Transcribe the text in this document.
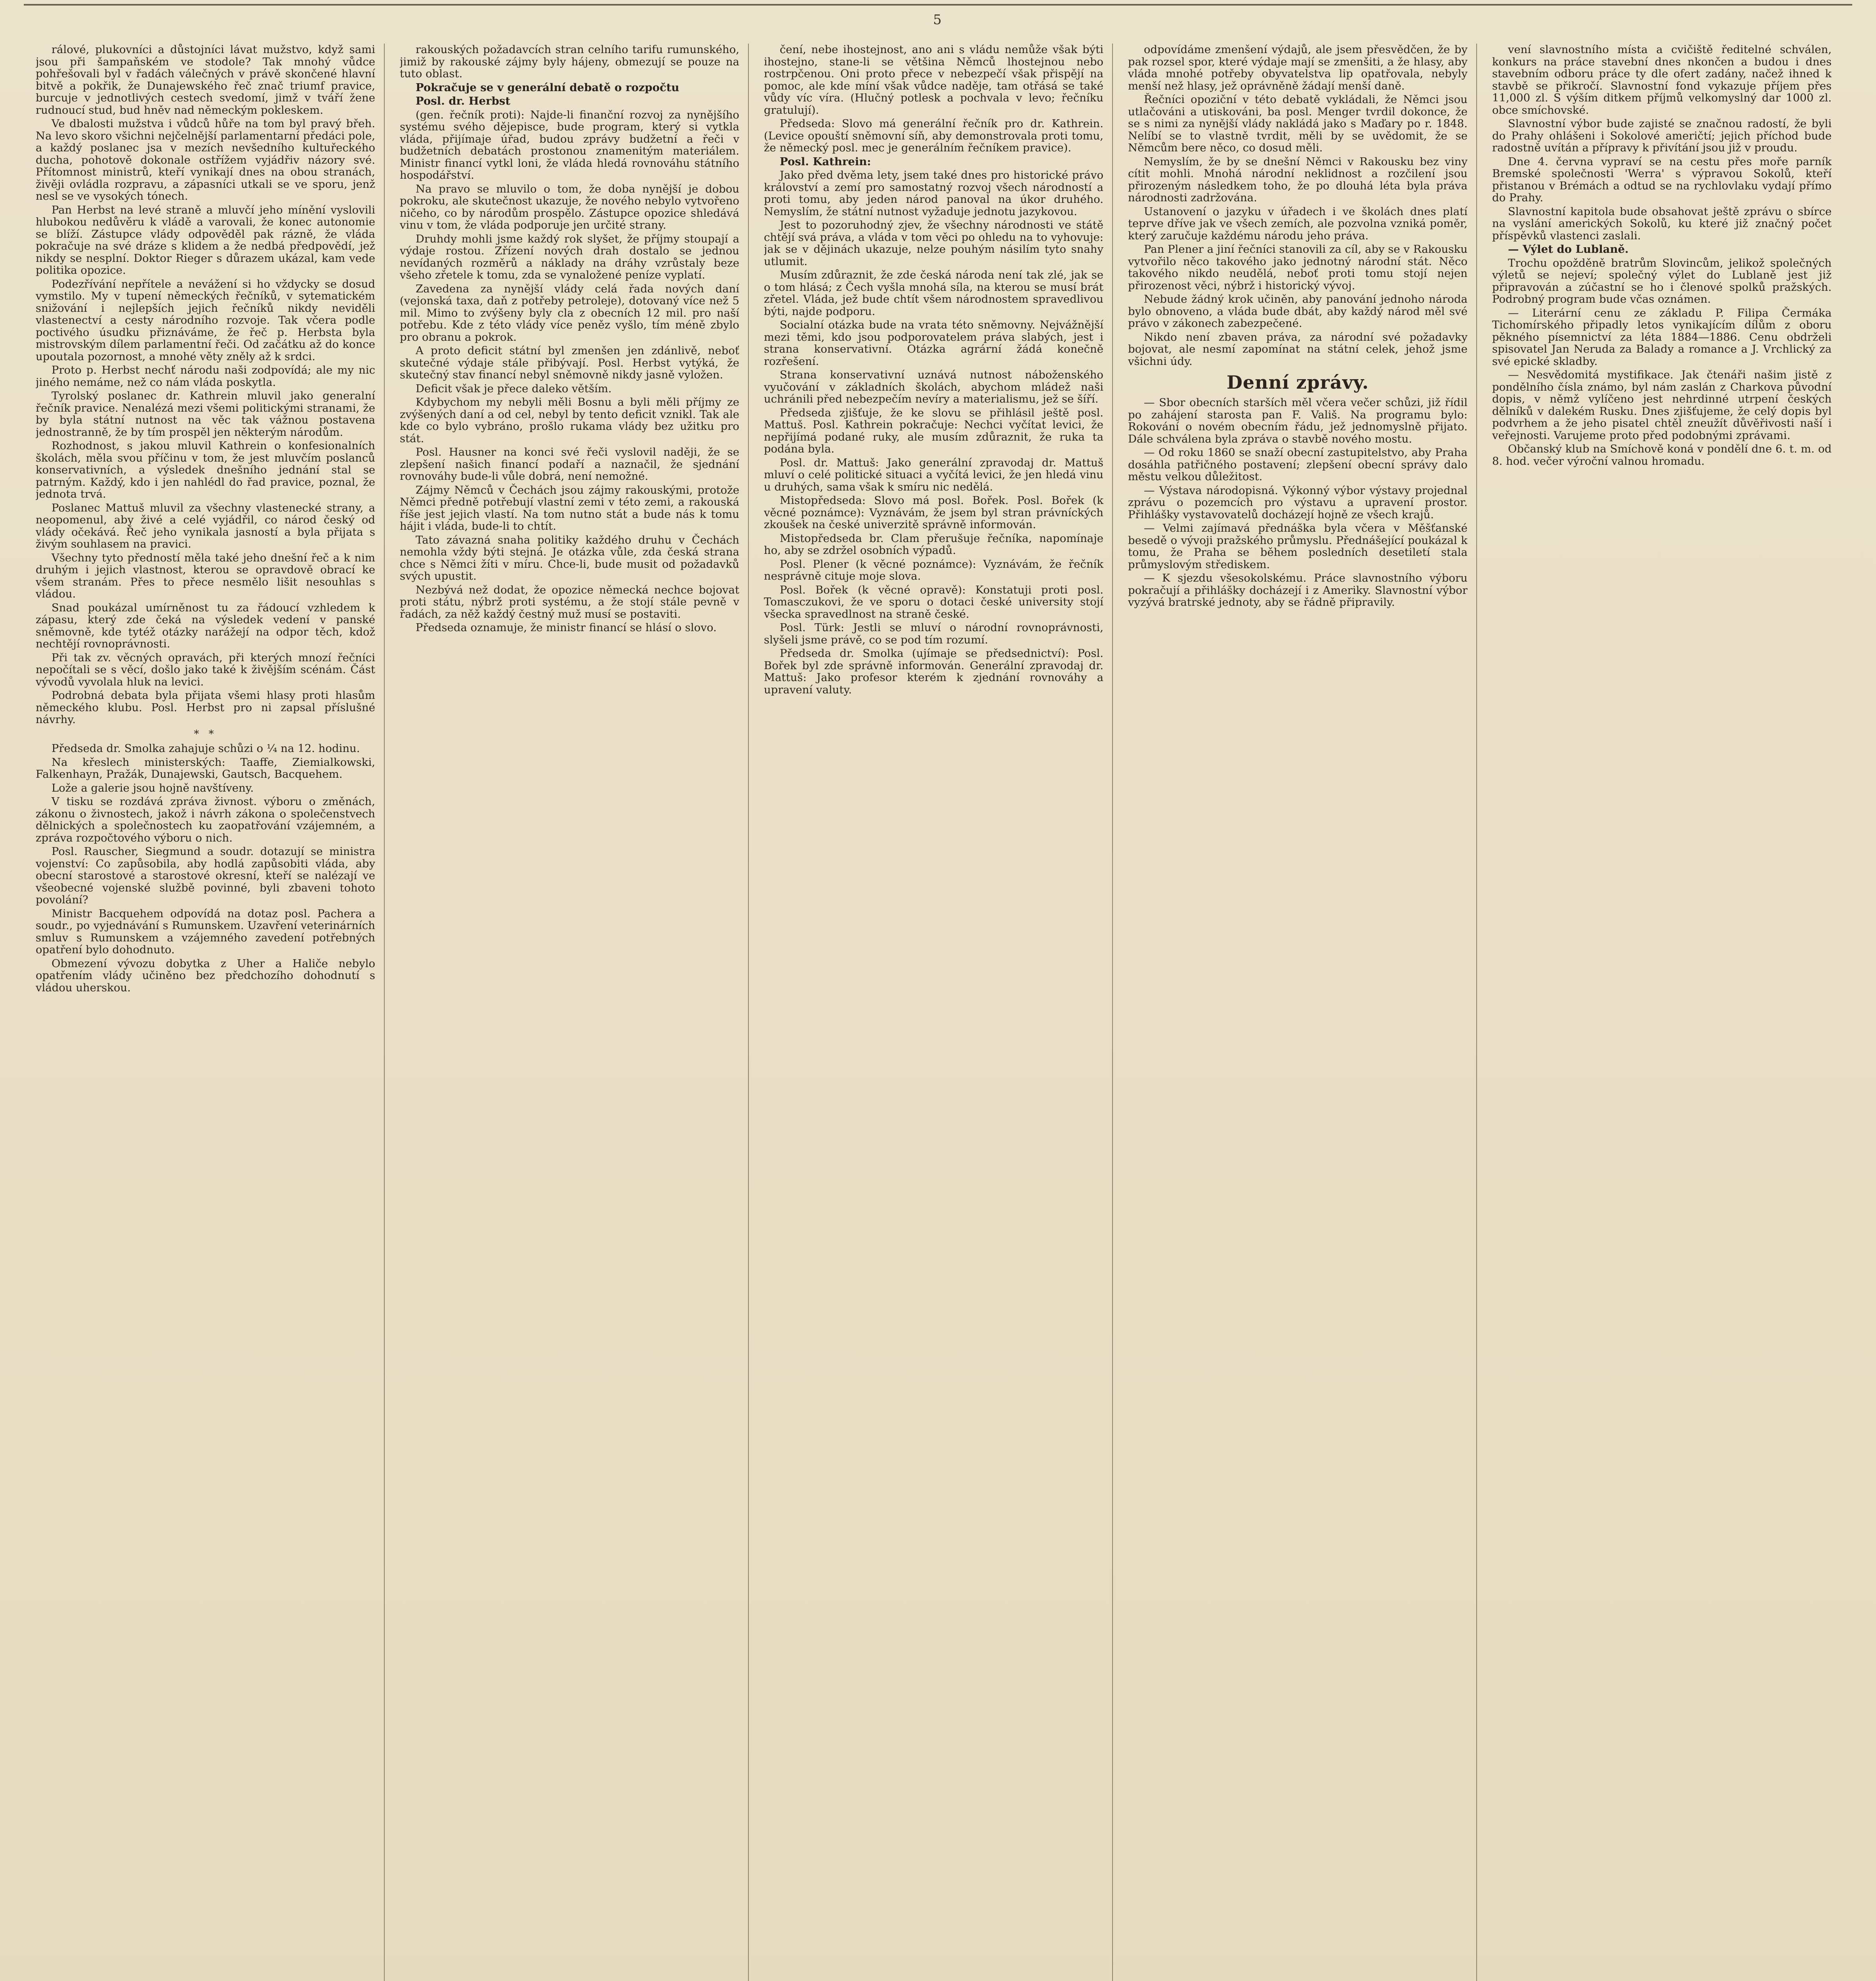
5

rálové, plukovníci a důstojníci lávat mužstvo, když sami jsou při šampaňském ve stodole? Tak mnohý vůdce pohřešovali byl v řadách válečných v právě skončené hlavní bitvě a pokřik, že Dunajewského řeč znač triumf pravice, burcuje v jednotlivých cestech svedomí, jimž v tváří žene rudnoucí stud, bud hněv nad německým pokleskem.

Ve dbalosti mužstva i vůdců hůře na tom byl pravý břeh. Na levo skoro všichni nejčelnější parlamentarní předáci pole, a každý poslanec jsa v mezích nevšedního kultuřeckého ducha, pohotově dokonale ostřížem vyjádřiv názory své. Přítomnost ministrů, kteří vynikají dnes na obou stranách, živěji ovládla rozpravu, a zápasníci utkali se ve sporu, jenž nesl se ve vysokých tónech.

Pan Herbst na levé straně a mluvčí jeho mínění vyslovili hlubokou nedůvěru k vládě a varovali, že konec autonomie se blíží. Zástupce vlády odpověděl pak rázně, že vláda pokračuje na své dráze s klidem a že nedbá předpovědí, jež nikdy se nesplní. Doktor Rieger s důrazem ukázal, kam vede politika opozice.

Podezřívání nepřítele a nevážení si ho vždycky se dosud vymstilo. My v tupení německých řečníků, v sytematickém snižování i nejlepších jejich řečníků nikdy neviděli vlastenectví a cesty národního rozvoje. Tak včera podle poctivého úsudku přiznáváme, že řeč p. Herbsta byla mistrovským dílem parlamentní řeči. Od začátku až do konce upoutala pozornost, a mnohé věty zněly až k srdci.

Proto p. Herbst nechť národu naši zodpovídá; ale my nic jiného nemáme, než co nám vláda poskytla.

Tyrolský poslanec dr. Kathrein mluvil jako generalní řečník pravice. Nenalézá mezi všemi politickými stranami, že by byla státní nutnost na věc tak vážnou postavena jednostranně, že by tím prospěl jen některým národům.

Rozhodnost, s jakou mluvil Kathrein o konfesionalních školách, měla svou příčinu v tom, že jest mluvčím poslanců konservativních, a výsledek dnešního jednání stal se patrným. Každý, kdo i jen nahlédl do řad pravice, poznal, že jednota trvá.

Poslanec Mattuš mluvil za všechny vlastenecké strany, a neopomenul, aby živé a celé vyjádřil, co národ český od vlády očekává. Řeč jeho vynikala jasností a byla přijata s živým souhlasem na pravici.

Všechny tyto předností měla také jeho dnešní řeč a k nim druhým i jejich vlastnost, kterou se opravdově obrací ke všem stranám. Přes to přece nesmělo lišit nesouhlas s vládou.

Snad poukázal umírněnost tu za řádoucí vzhledem k zápasu, který zde čeká na výsledek vedení v panské sněmovně, kde tytéž otázky narážejí na odpor těch, kdož nechtějí rovnoprávnosti.

Při tak zv. věcných opravách, při kterých mnozí řečníci nepočítali se s věcí, došlo jako také k živějším scénám. Část vývodů vyvolala hluk na levici.

Podrobná debata byla přijata všemi hlasy proti hlasům německého klubu. Posl. Herbst pro ni zapsal příslušné návrhy.

* *

Předseda dr. Smolka zahajuje schůzi o ¼ na 12. hodinu.

Na křeslech ministerských: Taaffe, Ziemialkowski, Falkenhayn, Pražák, Dunajewski, Gautsch, Bacquehem.

Lože a galerie jsou hojně navštíveny.

V tisku se rozdává zpráva živnost. výboru o změnách, zákonu o živnostech, jakož i návrh zákona o společenstvech dělnických a společnostech ku zaopatřování vzájemném, a zpráva rozpočtového výboru o nich.

Posl. Rauscher, Siegmund a soudr. dotazují se ministra vojenství: Co zapůsobila, aby hodlá zapůsobiti vláda, aby obecní starostové a starostové okresní, kteří se nalézají ve všeobecné vojenské službě povinné, byli zbaveni tohoto povolání?

Ministr Bacquehem odpovídá na dotaz posl. Pachera a soudr., po vyjednávání s Rumunskem. Uzavření veterinárních smluv s Rumunskem a vzájemného zavedení potřebných opatření bylo dohodnuto.

Obmezení vývozu dobytka z Uher a Haliče nebylo opatřením vlády učiněno bez předchozího dohodnutí s vládou uherskou.

rakouských požadavcích stran celního tarifu rumunského, jimiž by rakouské zájmy byly hájeny, obmezují se pouze na tuto oblast.

Pokračuje se v generální debatě o rozpočtu

Posl. dr. Herbst

(gen. řečník proti): Najde-li finanční rozvoj za nynějšího systému svého dějepisce, bude program, který si vytkla vláda, přijímaje úřad, budou zprávy budžetní a řeči v budžetních debatách prostonou znamenitým materiálem. Ministr financí vytkl loni, že vláda hledá rovnováhu státního hospodářství.

Na pravo se mluvilo o tom, že doba nynější je dobou pokroku, ale skutečnost ukazuje, že nového nebylo vytvořeno ničeho, co by národům prospělo. Zástupce opozice shledává vinu v tom, že vláda podporuje jen určité strany.

Druhdy mohli jsme každý rok slyšet, že příjmy stoupají a výdaje rostou. Zřízení nových drah dostalo se jednou nevídaných rozměrů a náklady na dráhy vzrůstaly beze všeho zřetele k tomu, zda se vynaložené peníze vyplatí.

Zavedena za nynější vlády celá řada nových daní (vejonská taxa, daň z potřeby petroleje), dotovaný více než 5 mil. Mimo to zvýšeny byly cla z obecních 12 mil. pro naší potřebu. Kde z této vlády více peněz vyšlo, tím méně zbylo pro obranu a pokrok.

A proto deficit státní byl zmenšen jen zdánlivě, neboť skutečné výdaje stále přibývají. Posl. Herbst vytýká, že skutečný stav financí nebyl sněmovně nikdy jasně vyložen.

Deficit však je přece daleko větším.

Kdybychom my nebyli měli Bosnu a byli měli příjmy ze zvýšených daní a od cel, nebyl by tento deficit vznikl. Tak ale kde co bylo vybráno, prošlo rukama vlády bez užitku pro stát.

Posl. Hausner na konci své řeči vyslovil naději, že se zlepšení našich financí podaří a naznačil, že sjednání rovnováhy bude-li vůle dobrá, není nemožné.

Zájmy Němců v Čechách jsou zájmy rakouskými, protože Němci předně potřebují vlastní zemi v této zemi, a rakouská říše jest jejich vlastí. Na tom nutno stát a bude nás k tomu hájit i vláda, bude-li to chtít.

Tato závazná snaha politiky každého druhu v Čechách nemohla vždy býti stejná. Je otázka vůle, zda česká strana chce s Němci žíti v míru. Chce-li, bude musit od požadavků svých upustit.

Nezbývá než dodat, že opozice německá nechce bojovat proti státu, nýbrž proti systému, a že stojí stále pevně v řadách, za něž každý čestný muž musí se postaviti.

Předseda oznamuje, že ministr financí se hlásí o slovo.

čení, nebe ihostejnost, ano ani s vládu nemůže však býti ihostejno, stane-li se většina Němců lhostejnou nebo rostrpčenou. Oni proto přece v nebezpečí však přispějí na pomoc, ale kde míní však vůdce naděje, tam otřásá se také vůdy víc víra. (Hlučný potlesk a pochvala v levo; řečníku gratulují).

Předseda: Slovo má generální řečník pro dr. Kathrein. (Levice opouští sněmovní síň, aby demonstrovala proti tomu, že německý posl. mec je generálním řečníkem pravice).

Posl. Kathrein:

Jako před dvěma lety, jsem také dnes pro historické právo království a zemí pro samostatný rozvoj všech národností a proti tomu, aby jeden národ panoval na úkor druhého. Nemyslím, že státní nutnost vyžaduje jednotu jazykovou.

Jest to pozoruhodný zjev, že všechny národnosti ve státě chtějí svá práva, a vláda v tom věci po ohledu na to vyhovuje: jak se v dějinách ukazuje, nelze pouhým násilím tyto snahy utlumit.

Musím zdůraznit, že zde česká národa není tak zlé, jak se o tom hlásá; z Čech vyšla mnohá síla, na kterou se musí brát zřetel. Vláda, jež bude chtít všem národnostem spravedlivou býti, najde podporu.

Socialní otázka bude na vrata této sněmovny. Nejvážnější mezi těmi, kdo jsou podporovatelem práva slabých, jest i strana konservativní. Otázka agrární žádá konečně rozřešení.

Strana konservativní uznává nutnost náboženského vyučování v základních školách, abychom mládež naši uchránili před nebezpečím nevíry a materialismu, jež se šíří.

Předseda zjišťuje, že ke slovu se přihlásil ještě posl. Mattuš. Posl. Kathrein pokračuje: Nechci vyčítat levici, že nepřijímá podané ruky, ale musím zdůraznit, že ruka ta podána byla.

Posl. dr. Mattuš: Jako generální zpravodaj dr. Mattuš mluví o celé politické situaci a vyčítá levici, že jen hledá vinu u druhých, sama však k smíru nic nedělá.

Mistopředseda: Slovo má posl. Bořek. Posl. Bořek (k věcné poznámce): Vyznávám, že jsem byl stran právníckých zkoušek na české univerzitě správně informován.

Mistopředseda br. Clam přerušuje řečníka, napomínaje ho, aby se zdržel osobních výpadů.

Posl. Plener (k věcné poznámce): Vyznávám, že řečník nesprávně cituje moje slova.

Posl. Bořek (k věcné opravě): Konstatuji proti posl. Tomasczukovi, že ve sporu o dotaci české university stojí všecka spravedlnost na straně české.

Posl. Türk: Jestli se mluví o národní rovnoprávnosti, slyšeli jsme právě, co se pod tím rozumí.

Předseda dr. Smolka (ujímaje se předsednictví): Posl. Bořek byl zde správně informován. Generální zpravodaj dr. Mattuš: Jako profesor kterém k zjednání rovnováhy a upravení valuty.

odpovídáme zmenšení výdajů, ale jsem přesvědčen, že by pak rozsel spor, které výdaje mají se zmenšiti, a že hlasy, aby vláda mnohé potřeby obyvatelstva lip opatřovala, nebyly menší než hlasy, jež oprávněně žádají menší daně.

Řečníci opoziční v této debatě vykládali, že Němci jsou utlačováni a utiskováni, ba posl. Menger tvrdil dokonce, že se s nimi za nynější vlády nakládá jako s Maďary po r. 1848. Nelíbí se to vlastně tvrdit, měli by se uvědomit, že se Němcům bere něco, co dosud měli.

Nemyslím, že by se dnešní Němci v Rakousku bez viny cítit mohli. Mnohá národní neklidnost a rozčilení jsou přirozeným následkem toho, že po dlouhá léta byla práva národnosti zadržována.

Ustanovení o jazyku v úřadech i ve školách dnes platí teprve dříve jak ve všech zemích, ale pozvolna vzniká poměr, který zaručuje každému národu jeho práva.

Pan Plener a jiní řečníci stanovili za cíl, aby se v Rakousku vytvořilo něco takového jako jednotný národní stát. Něco takového nikdo neudělá, neboť proti tomu stojí nejen přirozenost věci, nýbrž i historický vývoj.

Nebude žádný krok učiněn, aby panování jednoho národa bylo obnoveno, a vláda bude dbát, aby každý národ měl své právo v zákonech zabezpečené.

Nikdo není zbaven práva, za národní své požadavky bojovat, ale nesmí zapomínat na státní celek, jehož jsme všichni údy.

Denní zprávy.

— Sbor obecních starších měl včera večer schůzi, již řídil po zahájení starosta pan F. Vališ. Na programu bylo: Rokování o novém obecním řádu, jež jednomyslně přijato. Dále schválena byla zpráva o stavbě nového mostu.

— Od roku 1860 se snaží obecní zastupitelstvo, aby Praha dosáhla patřičného postavení; zlepšení obecní správy dalo městu velkou důležitost.

— Výstava národopisná. Výkonný výbor výstavy projednal zprávu o pozemcích pro výstavu a upravení prostor. Přihlášky vystavovatelů docházejí hojně ze všech krajů.

— Velmi zajímavá přednáška byla včera v Měšťanské besedě o vývoji pražského průmyslu. Přednášející poukázal k tomu, že Praha se během posledních desetiletí stala průmyslovým střediskem.

— K sjezdu všesokolskému. Práce slavnostního výboru pokračují a přihlášky docházejí i z Ameriky. Slavnostní výbor vyzývá bratrské jednoty, aby se řádně připravily.

vení slavnostního místa a cvičiště ředitelné schválen, konkurs na práce stavební dnes nkončen a budou i dnes stavebním odboru práce ty dle ofert zadány, načež ihned k stavbě se přikročí. Slavnostní fond vykazuje příjem přes 11,000 zl. S výším ditkem příjmů velkomyslný dar 1000 zl. obce smíchovské.

Slavnostní výbor bude zajisté se značnou radostí, že byli do Prahy ohlášeni i Sokolové američtí; jejich příchod bude radostně uvítán a přípravy k přivítání jsou již v proudu.

Dne 4. června vypraví se na cestu přes moře parník Bremské společnosti 'Werra' s výpravou Sokolů, kteří přistanou v Brémách a odtud se na rychlovlaku vydají přímo do Prahy.

Slavnostní kapitola bude obsahovat ještě zprávu o sbírce na vyslání amerických Sokolů, ku které již značný počet příspěvků vlastenci zaslali.

— Výlet do Lublaně.

Trochu opožděně bratrům Slovincům, jelikož společných výletů se nejeví; společný výlet do Lublaně jest již připravován a zúčastní se ho i členové spolků pražských. Podrobný program bude včas oznámen.

— Literární cenu ze základu P. Filipa Čermáka Tichomírského připadly letos vynikajícím dílům z oboru pěkného písemnictví za léta 1884—1886. Cenu obdrželi spisovatel Jan Neruda za Balady a romance a J. Vrchlický za své epické skladby.

— Nesvědomitá mystifikace. Jak čtenáři našim jistě z pondělního čísla známo, byl nám zaslán z Charkova původní dopis, v němž vylíčeno jest nehrdinné utrpení českých dělníků v dalekém Rusku. Dnes zjišťujeme, že celý dopis byl podvrhem a že jeho pisatel chtěl zneužít důvěřivosti naší i veřejnosti. Varujeme proto před podobnými zprávami.

Občanský klub na Smíchově koná v pondělí dne 6. t. m. od 8. hod. večer výroční valnou hromadu.
